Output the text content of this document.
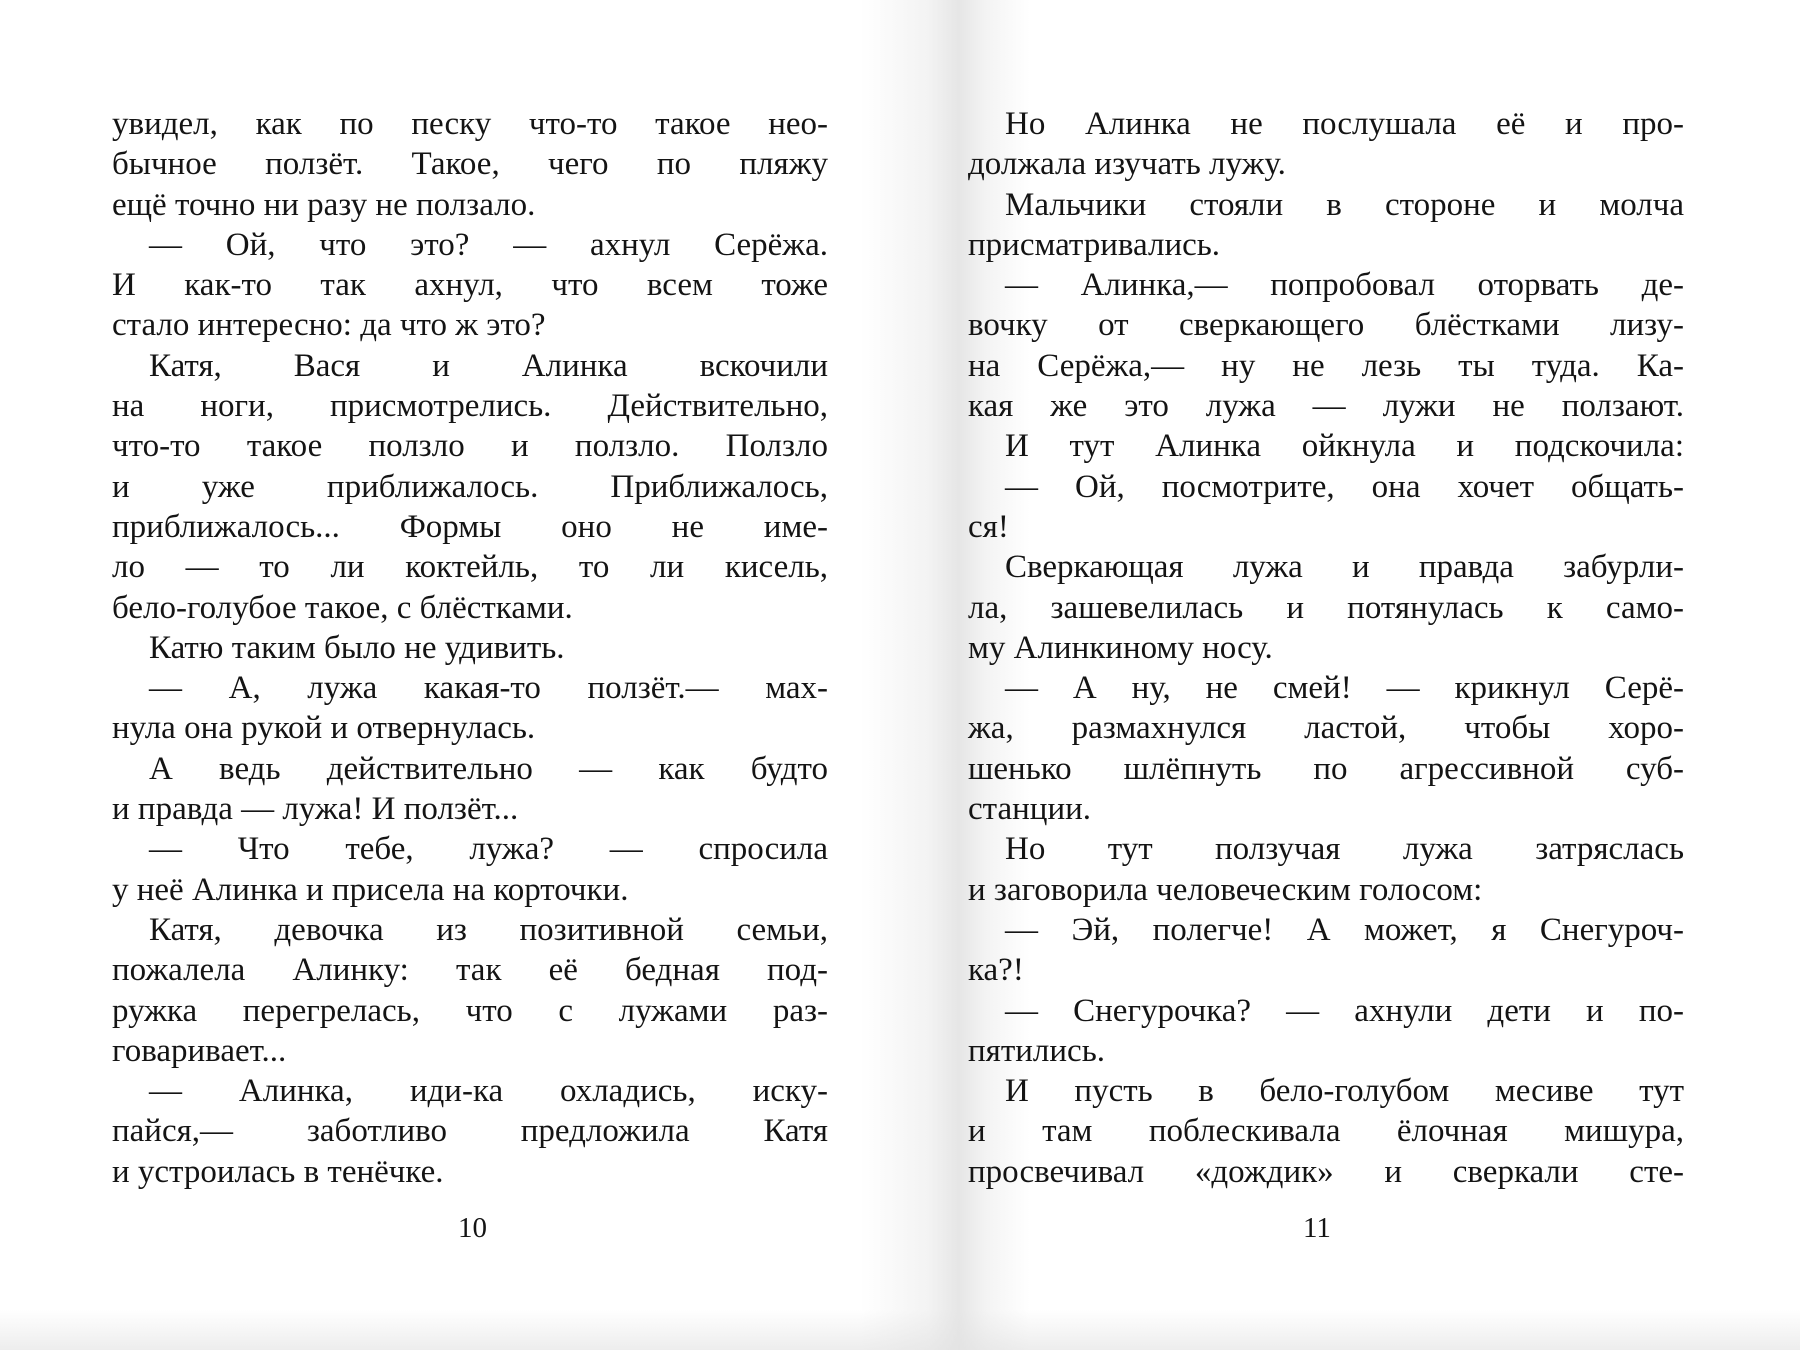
увидел, как по песку что-то такое нео-
бычное ползёт. Такое, чего по пляжу
ещё точно ни разу не ползало.
— Ой, что это? — ахнул Серёжа.
И как-то так ахнул, что всем тоже
стало интересно: да что ж это?
Катя, Вася и Алинка вскочили
на ноги, присмотрелись. Действительно,
что-то такое ползло и ползло. Ползло
и уже приближалось. Приближалось,
приближалось... Формы оно не име-
ло — то ли коктейль, то ли кисель,
бело-голубое такое, с блёстками.
Катю таким было не удивить.
— А, лужа какая-то ползёт.— мах-
нула она рукой и отвернулась.
А ведь действительно — как будто
и правда — лужа! И ползёт...
— Что тебе, лужа? — спросила
у неё Алинка и присела на корточки.
Катя, девочка из позитивной семьи,
пожалела Алинку: так её бедная под-
ружка перегрелась, что с лужами раз-
говаривает...
— Алинка, иди-ка охладись, иску-
пайся,— заботливо предложила Катя
и устроилась в тенёчке.
10
Но Алинка не послушала её и про-
должала изучать лужу.
Мальчики стояли в стороне и молча
присматривались.
— Алинка,— попробовал оторвать де-
вочку от сверкающего блёстками лизу-
на Серёжа,— ну не лезь ты туда. Ка-
кая же это лужа — лужи не ползают.
И тут Алинка ойкнула и подскочила:
— Ой, посмотрите, она хочет общать-
ся!
Сверкающая лужа и правда забурли-
ла, зашевелилась и потянулась к само-
му Алинкиному носу.
— А ну, не смей! — крикнул Серё-
жа, размахнулся ластой, чтобы хоро-
шенько шлёпнуть по агрессивной суб-
станции.
Но тут ползучая лужа затряслась
и заговорила человеческим голосом:
— Эй, полегче! А может, я Снегуроч-
ка?!
— Снегурочка? — ахнули дети и по-
пятились.
И пусть в бело-голубом месиве тут
и там поблескивала ёлочная мишура,
просвечивал «дождик» и сверкали сте-
11
